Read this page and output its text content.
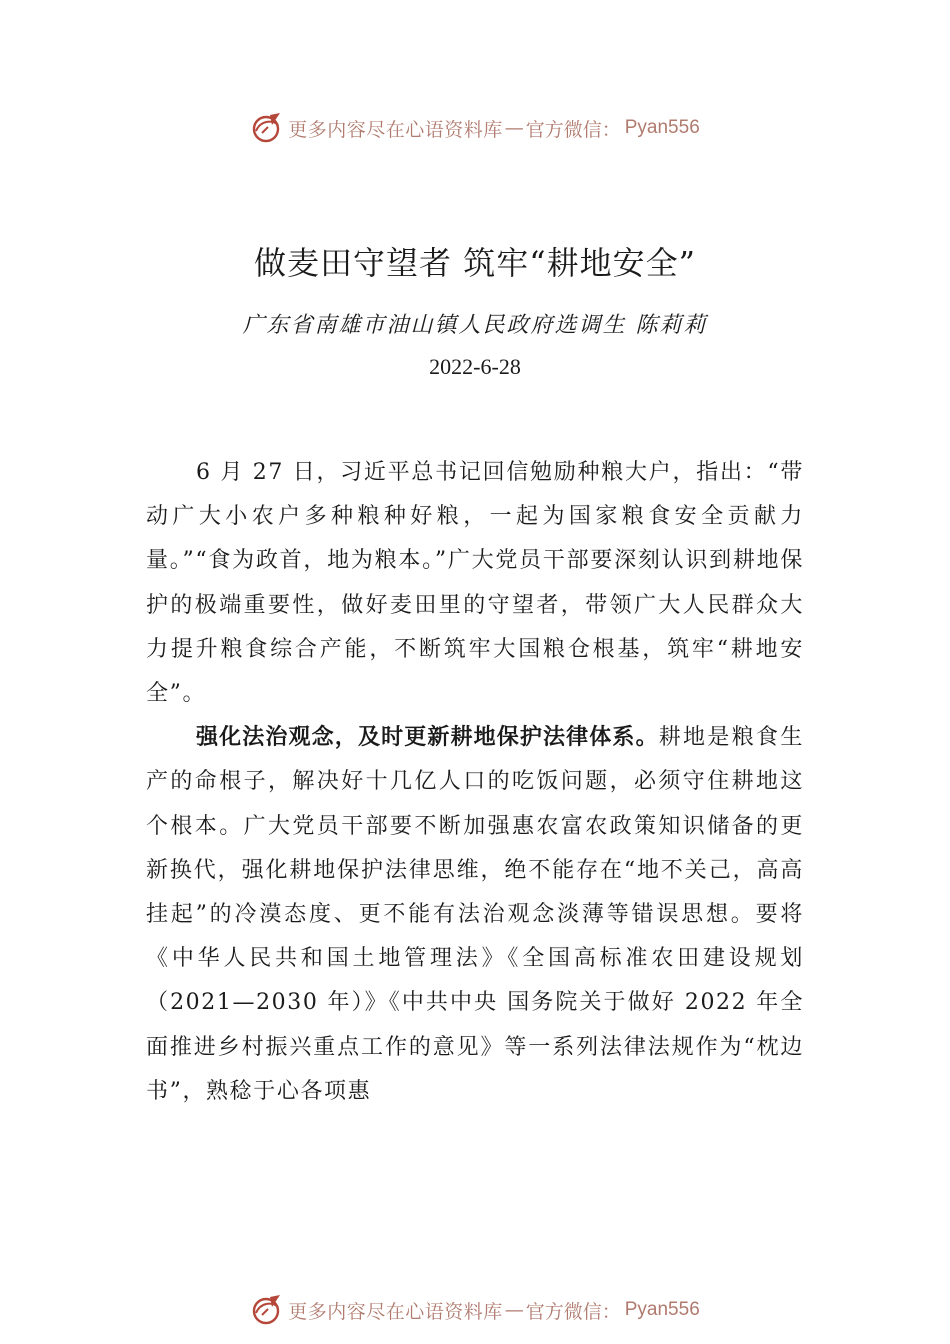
更多内容尽在心语资料库 — 官方微信： Pyan556
做麦田守望者 筑牢“耕地安全”
广东省南雄市油山镇人民政府选调生 陈莉莉
2022-6-28

6 月 27 日，习近平总书记回信勉励种粮大户，指出：“带动广大小农户多种粮种好粮，一起为国家粮食安全贡献力量。”“食为政首，地为粮本。”广大党员干部要深刻认识到耕地保护的极端重要性，做好麦田里的守望者，带领广大人民群众大力提升粮食综合产能，不断筑牢大国粮仓根基，筑牢“耕地安全”。

强化法治观念，及时更新耕地保护法律体系。耕地是粮食生产的命根子，解决好十几亿人口的吃饭问题，必须守住耕地这个根本。广大党员干部要不断加强惠农富农政策知识储备的更新换代，强化耕地保护法律思维，绝不能存在“地不关己，高高挂起”的冷漠态度、更不能有法治观念淡薄等错误思想。要将《中华人民共和国土地管理法》《全国高标准农田建设规划（2021—2030 年）》《中共中央 国务院关于做好 2022 年全面推进乡村振兴重点工作的意见》等一系列法律法规作为“枕边书”，熟稔于心各项惠

更多内容尽在心语资料库 — 官方微信： Pyan556
